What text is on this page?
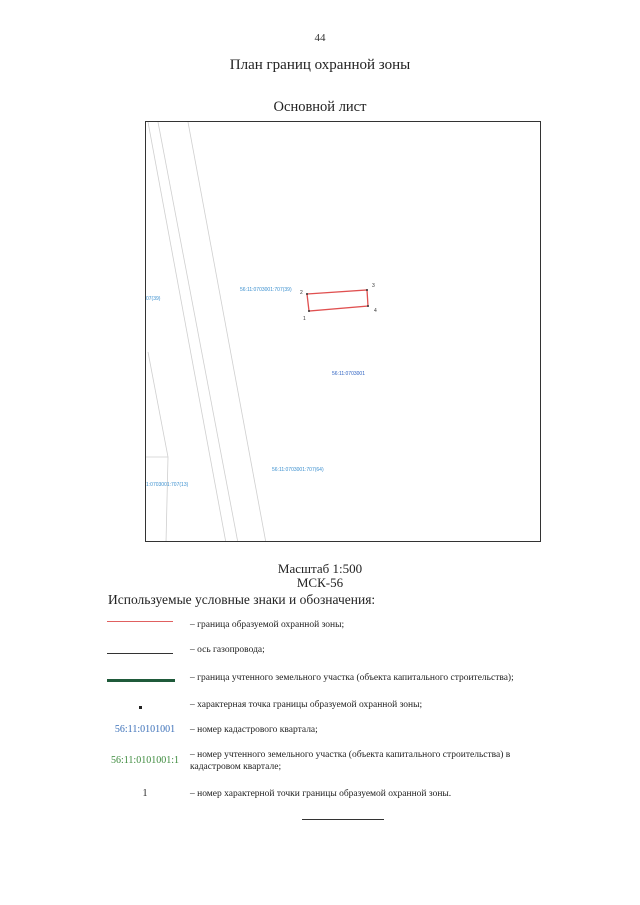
44
План границ охранной зоны
Основной лист
2
3
4
1
56:11:0703001:707(39)
07(39)
56:11:0703001
56:11:0703001:707(64)
1:0703001:707(13)
Масштаб 1:500
МСК-56
Используемые условные знаки и обозначения:
– граница образуемой охранной зоны;
– ось газопровода;
– граница учтенного земельного участка (объекта капитального строительства);
– характерная точка границы образуемой охранной зоны;
56:11:0101001	– номер кадастрового квартала;
56:11:0101001:1	– номер учтенного земельного участка (объекта капитального строительства) в кадастровом квартале;
1	– номер характерной точки границы образуемой охранной зоны.
